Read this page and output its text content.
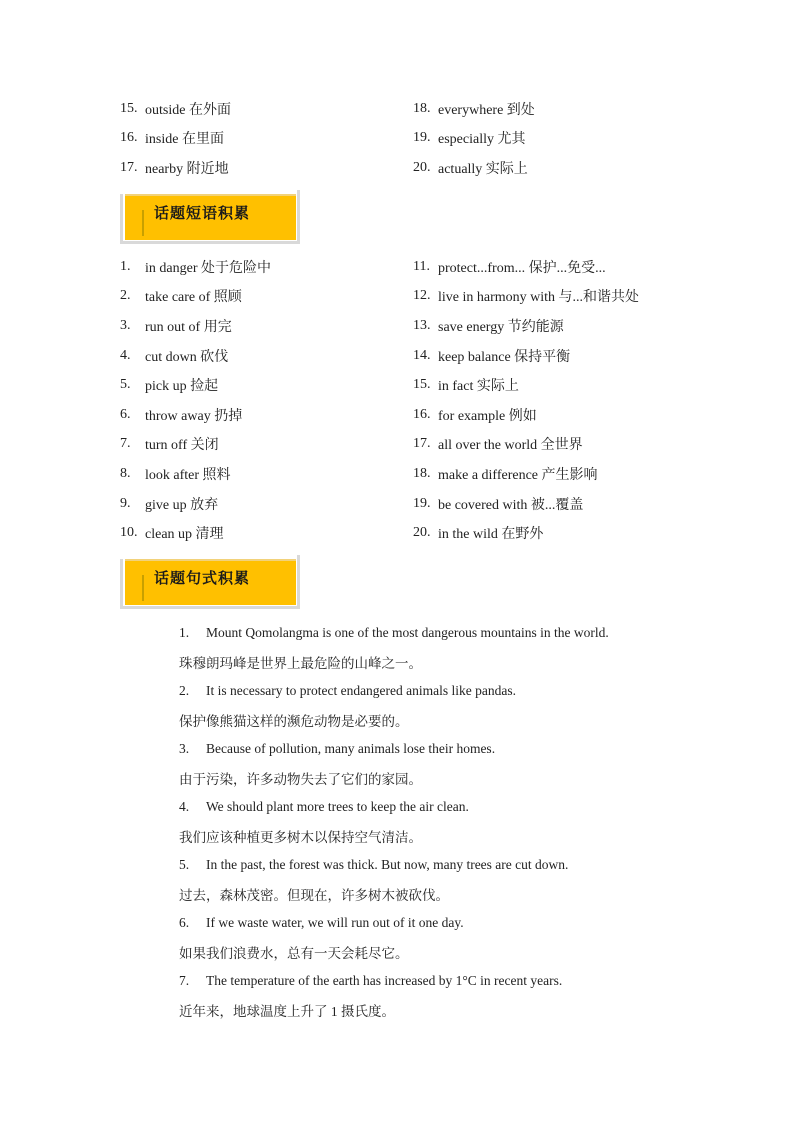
15. outside 在外面	18. everywhere 到处
16. inside 在里面	19. especially 尤其
17. nearby 附近地	20. actually 实际上
话题短语积累
1.	in danger 处于危险中	11. protect...from... 保护...免受...
2.	take care of 照顾	12. live in harmony with 与...和谐共处
3.	run out of 用完	13. save energy 节约能源
4.	cut down 砍伐	14. keep balance 保持平衡
5.	pick up 捡起	15. in fact 实际上
6.	throw away 扔掉	16. for example 例如
7.	turn off 关闭	17. all over the world 全世界
8.	look after 照料	18. make a difference 产生影响
9.	give up 放弃	19. be covered with 被...覆盖
10. clean up 清理	20. in the wild 在野外
话题句式积累
1.	Mount Qomolangma is one of the most dangerous mountains in the world.
珠穆朗玛峰是世界上最危险的山峰之一。
2.	It is necessary to protect endangered animals like pandas.
保护像熊猫这样的濒危动物是必要的。
3.	Because of pollution, many animals lose their homes.
由于污染，许多动物失去了它们的家园。
4.	We should plant more trees to keep the air clean.
我们应该种植更多树木以保持空气清洁。
5.	In the past, the forest was thick. But now, many trees are cut down.
过去，森林茂密。但现在，许多树木被砍伐。
6.	If we waste water, we will run out of it one day.
如果我们浪费水，总有一天会耗尽它。
7.	The temperature of the earth has increased by 1°C in recent years.
近年来，地球温度上升了 1 摄氏度。
